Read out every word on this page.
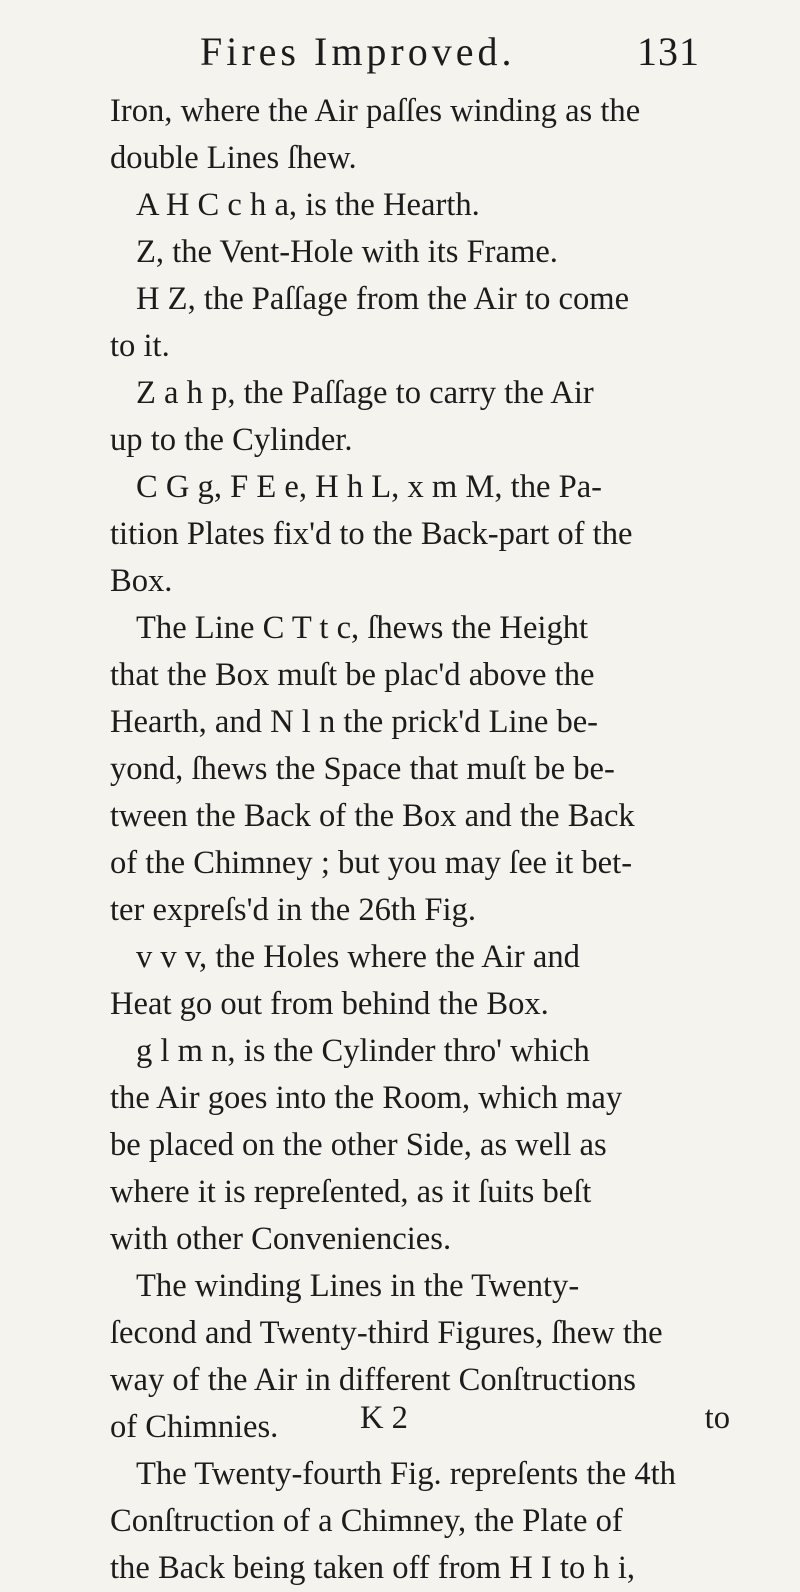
Fires Improved.	131
Iron, where the Air paſſes winding as the
double Lines ſhew.
A H C c h a, is the Hearth.
Z, the Vent-Hole with its Frame.
H Z, the Paſſage from the Air to come
to it.
Z a h p, the Paſſage to carry the Air
up to the Cylinder.
C G g, F E e, H h L, x m M, the Pa-
tition Plates fix'd to the Back-part of the
Box.
The Line C T t c, ſhews the Height
that the Box muſt be plac'd above the
Hearth, and N l n the prick'd Line be-
yond, ſhews the Space that muſt be be-
tween the Back of the Box and the Back
of the Chimney ; but you may ſee it bet-
ter expreſs'd in the 26th Fig.
v v v, the Holes where the Air and
Heat go out from behind the Box.
g l m n, is the Cylinder thro' which
the Air goes into the Room, which may
be placed on the other Side, as well as
where it is repreſented, as it ſuits beſt
with other Conveniencies.
The winding Lines in the Twenty-
ſecond and Twenty-third Figures, ſhew the
way of the Air in different Conſtructions
of Chimnies.
The Twenty-fourth Fig. repreſents the 4th
Conſtruction of a Chimney, the Plate of
the Back being taken off from H I to h i,
K 2	to
